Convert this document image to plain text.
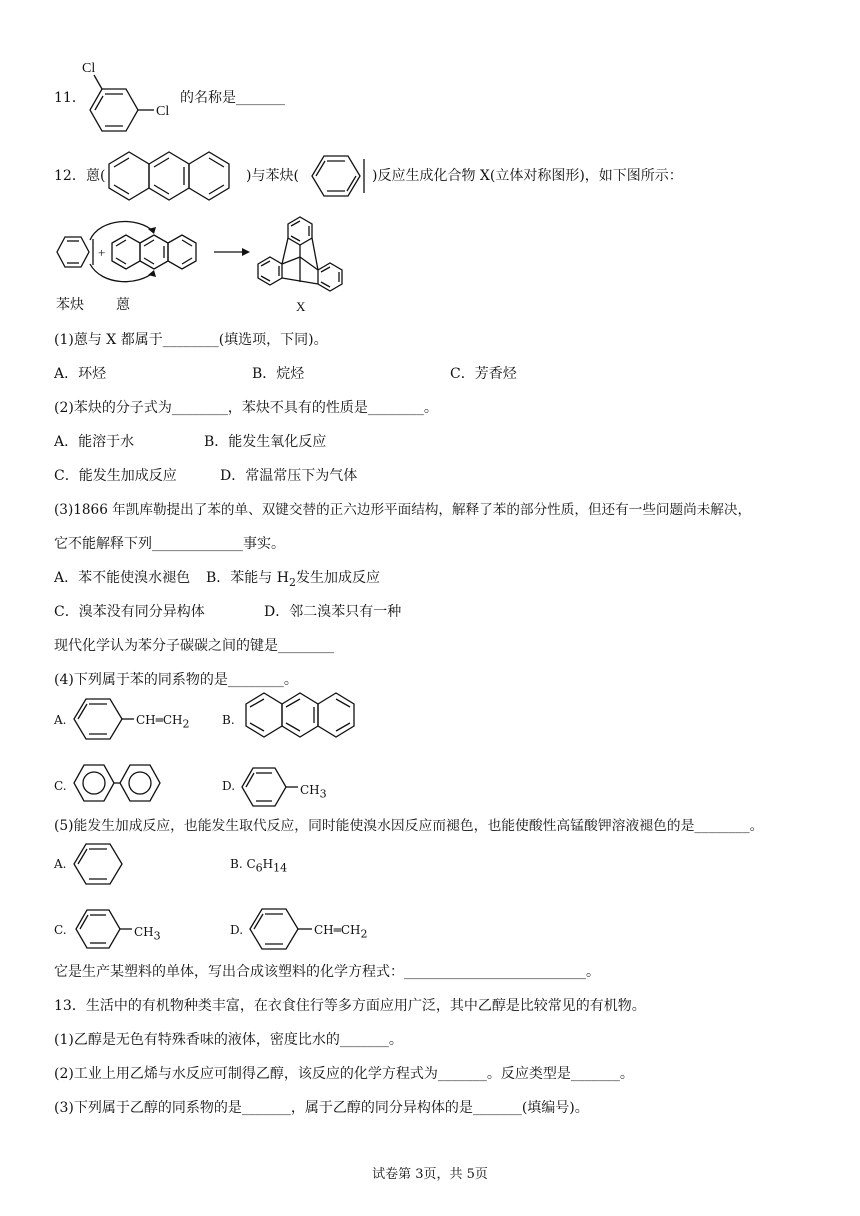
11．
Cl
Cl
的名称是_______
12． 蒽(	)与苯炔(	)反应生成化合物 X(立体对称图形)，如下图所示：
+
苯炔 蒽	X
(1)蒽与 X 都属于________(填选项，下同)。
A．环烃	B．烷烃	C．芳香烃
(2)苯炔的分子式为________，苯炔不具有的性质是________。
A．能溶于水	B．能发生氧化反应
C．能发生加成反应	D．常温常压下为气体
(3)1866 年凯库勒提出了苯的单、双键交替的正六边形平面结构，解释了苯的部分性质，但还有一些问题尚未解决，
它不能解释下列_____________事实。
A．苯不能使溴水褪色 B．苯能与 $H_2$发生加成反应
C．溴苯没有同分异构体	D．邻二溴苯只有一种
现代化学认为苯分子碳碳之间的键是________
(4)下列属于苯的同系物的是________。
A.	$CH═CH_2$	B.
C.	D.	$CH_3$
(5)能发生加成反应，也能发生取代反应，同时能使溴水因反应而褪色，也能使酸性高锰酸钾溶液褪色的是________。
A.	B. $C_6H_{14}$
C.	$CH_3$	D.	$CH═CH_2$
它是生产某塑料的单体，写出合成该塑料的化学方程式：__________________________。
13．生活中的有机物种类丰富，在衣食住行等多方面应用广泛，其中乙醇是比较常见的有机物。
(1)乙醇是无色有特殊香味的液体，密度比水的_______。
(2)工业上用乙烯与水反应可制得乙醇，该反应的化学方程式为_______。反应类型是_______。
(3)下列属于乙醇的同系物的是_______，属于乙醇的同分异构体的是_______(填编号)。
试卷第 3页，共 5页
